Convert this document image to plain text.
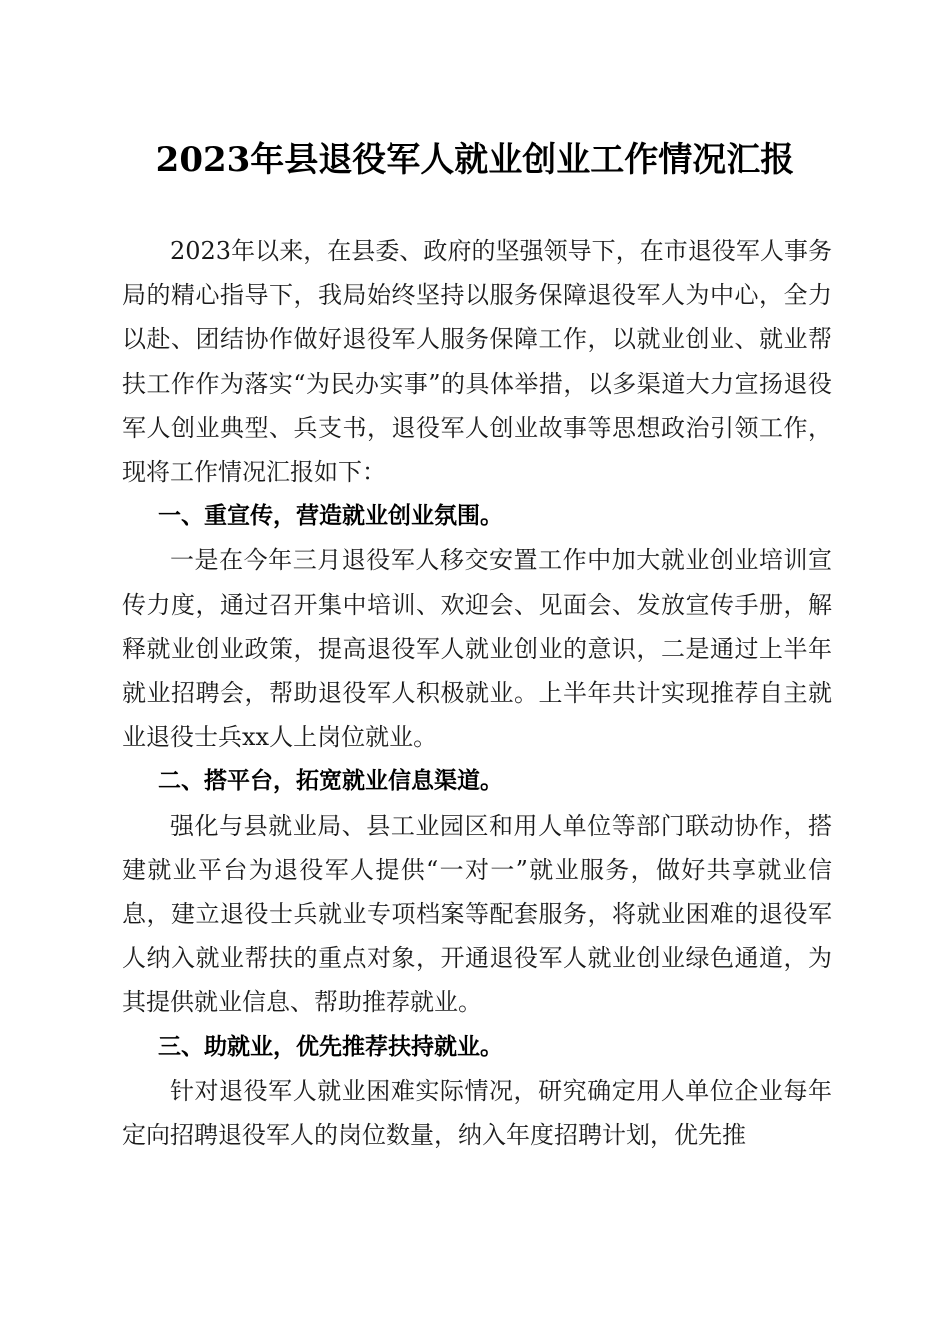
2023年县退役军人就业创业工作情况汇报

2023年以来，在县委、政府的坚强领导下，在市退役军人事务局的精心指导下，我局始终坚持以服务保障退役军人为中心，全力以赴、团结协作做好退役军人服务保障工作，以就业创业、就业帮扶工作作为落实“为民办实事”的具体举措，以多渠道大力宣扬退役军人创业典型、兵支书，退役军人创业故事等思想政治引领工作，现将工作情况汇报如下：

一、重宣传，营造就业创业氛围。

一是在今年三月退役军人移交安置工作中加大就业创业培训宣传力度，通过召开集中培训、欢迎会、见面会、发放宣传手册，解释就业创业政策，提高退役军人就业创业的意识，二是通过上半年就业招聘会，帮助退役军人积极就业。上半年共计实现推荐自主就业退役士兵xx人上岗位就业。

二、搭平台，拓宽就业信息渠道。

强化与县就业局、县工业园区和用人单位等部门联动协作，搭建就业平台为退役军人提供“一对一”就业服务，做好共享就业信息，建立退役士兵就业专项档案等配套服务，将就业困难的退役军人纳入就业帮扶的重点对象，开通退役军人就业创业绿色通道，为其提供就业信息、帮助推荐就业。

三、助就业，优先推荐扶持就业。

针对退役军人就业困难实际情况，研究确定用人单位企业每年定向招聘退役军人的岗位数量，纳入年度招聘计划，优先推
